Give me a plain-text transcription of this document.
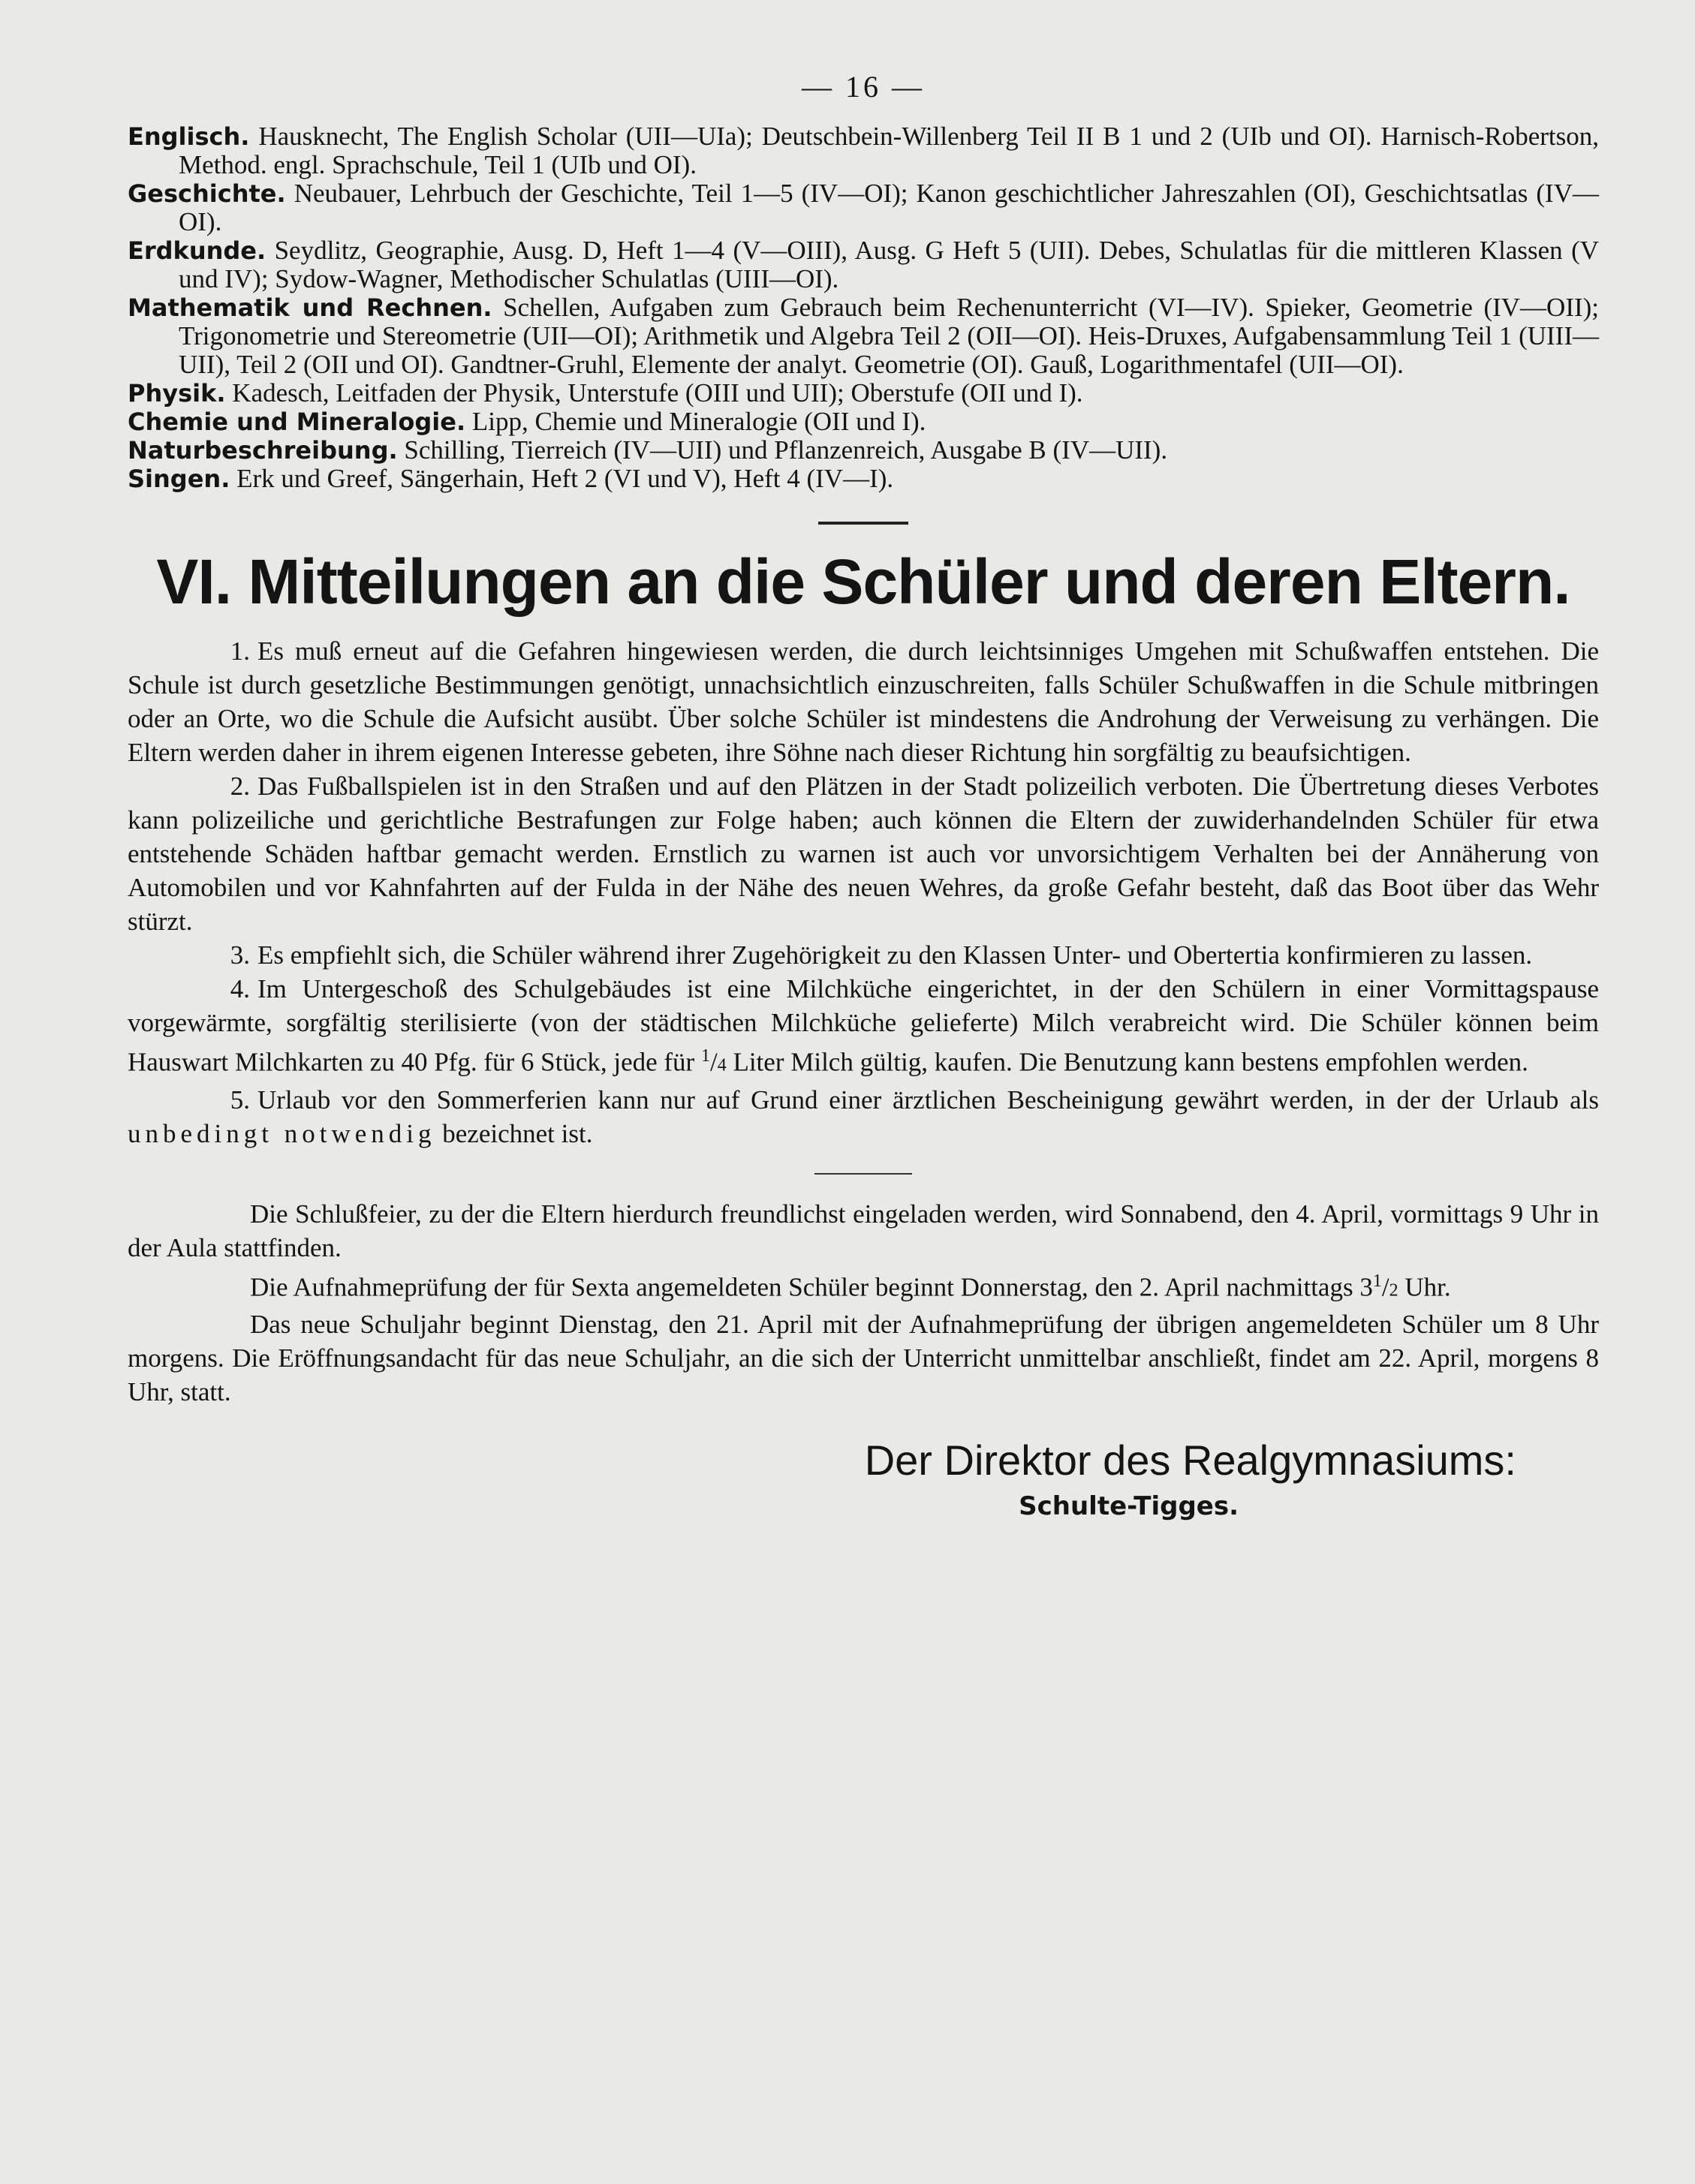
— 16 —

Englisch. Hausknecht, The English Scholar (UII—UIa); Deutschbein-Willenberg Teil II B 1 und 2 (UIb und OI). Harnisch-Robertson, Method. engl. Sprachschule, Teil 1 (UIb und OI).

Geschichte. Neubauer, Lehrbuch der Geschichte, Teil 1—5 (IV—OI); Kanon geschichtlicher Jahreszahlen (OI), Geschichtsatlas (IV—OI).

Erdkunde. Seydlitz, Geographie, Ausg. D, Heft 1—4 (V—OIII), Ausg. G Heft 5 (UII). Debes, Schulatlas für die mittleren Klassen (V und IV); Sydow-Wagner, Methodischer Schulatlas (UIII—OI).

Mathematik und Rechnen. Schellen, Aufgaben zum Gebrauch beim Rechenunterricht (VI—IV). Spieker, Geometrie (IV—OII); Trigonometrie und Stereometrie (UII—OI); Arithmetik und Algebra Teil 2 (OII—OI). Heis-Druxes, Aufgabensammlung Teil 1 (UIII—UII), Teil 2 (OII und OI). Gandtner-Gruhl, Elemente der analyt. Geometrie (OI). Gauß, Logarithmentafel (UII—OI).

Physik. Kadesch, Leitfaden der Physik, Unterstufe (OIII und UII); Oberstufe (OII und I).

Chemie und Mineralogie. Lipp, Chemie und Mineralogie (OII und I).

Naturbeschreibung. Schilling, Tierreich (IV—UII) und Pflanzenreich, Ausgabe B (IV—UII).

Singen. Erk und Greef, Sängerhain, Heft 2 (VI und V), Heft 4 (IV—I).

VI. Mitteilungen an die Schüler und deren Eltern.

1. Es muß erneut auf die Gefahren hingewiesen werden, die durch leichtsinniges Umgehen mit Schußwaffen entstehen. Die Schule ist durch gesetzliche Bestimmungen genötigt, unnachsichtlich einzuschreiten, falls Schüler Schußwaffen in die Schule mitbringen oder an Orte, wo die Schule die Aufsicht ausübt. Über solche Schüler ist mindestens die Androhung der Verweisung zu verhängen. Die Eltern werden daher in ihrem eigenen Interesse gebeten, ihre Söhne nach dieser Richtung hin sorgfältig zu beaufsichtigen.

2. Das Fußballspielen ist in den Straßen und auf den Plätzen in der Stadt polizeilich verboten. Die Übertretung dieses Verbotes kann polizeiliche und gerichtliche Bestrafungen zur Folge haben; auch können die Eltern der zuwiderhandelnden Schüler für etwa entstehende Schäden haftbar gemacht werden. Ernstlich zu warnen ist auch vor unvorsichtigem Verhalten bei der Annäherung von Automobilen und vor Kahnfahrten auf der Fulda in der Nähe des neuen Wehres, da große Gefahr besteht, daß das Boot über das Wehr stürzt.

3. Es empfiehlt sich, die Schüler während ihrer Zugehörigkeit zu den Klassen Unter- und Obertertia konfirmieren zu lassen.

4. Im Untergeschoß des Schulgebäudes ist eine Milchküche eingerichtet, in der den Schülern in einer Vormittagspause vorgewärmte, sorgfältig sterilisierte (von der städtischen Milchküche gelieferte) Milch verabreicht wird. Die Schüler können beim Hauswart Milchkarten zu 40 Pfg. für 6 Stück, jede für $^1$/4 Liter Milch gültig, kaufen. Die Benutzung kann bestens empfohlen werden.

5. Urlaub vor den Sommerferien kann nur auf Grund einer ärztlichen Bescheinigung gewährt werden, in der der Urlaub als unbedingt notwendig bezeichnet ist.

Die Schlußfeier, zu der die Eltern hierdurch freundlichst eingeladen werden, wird Sonnabend, den 4. April, vormittags 9 Uhr in der Aula stattfinden.

Die Aufnahmeprüfung der für Sexta angemeldeten Schüler beginnt Donnerstag, den 2. April nachmittags $3^1/2$ Uhr.

Das neue Schuljahr beginnt Dienstag, den 21. April mit der Aufnahmeprüfung der übrigen angemeldeten Schüler um 8 Uhr morgens. Die Eröffnungsandacht für das neue Schuljahr, an die sich der Unterricht unmittelbar anschließt, findet am 22. April, morgens 8 Uhr, statt.

Der Direktor des Realgymnasiums:
Schulte-Tigges.
